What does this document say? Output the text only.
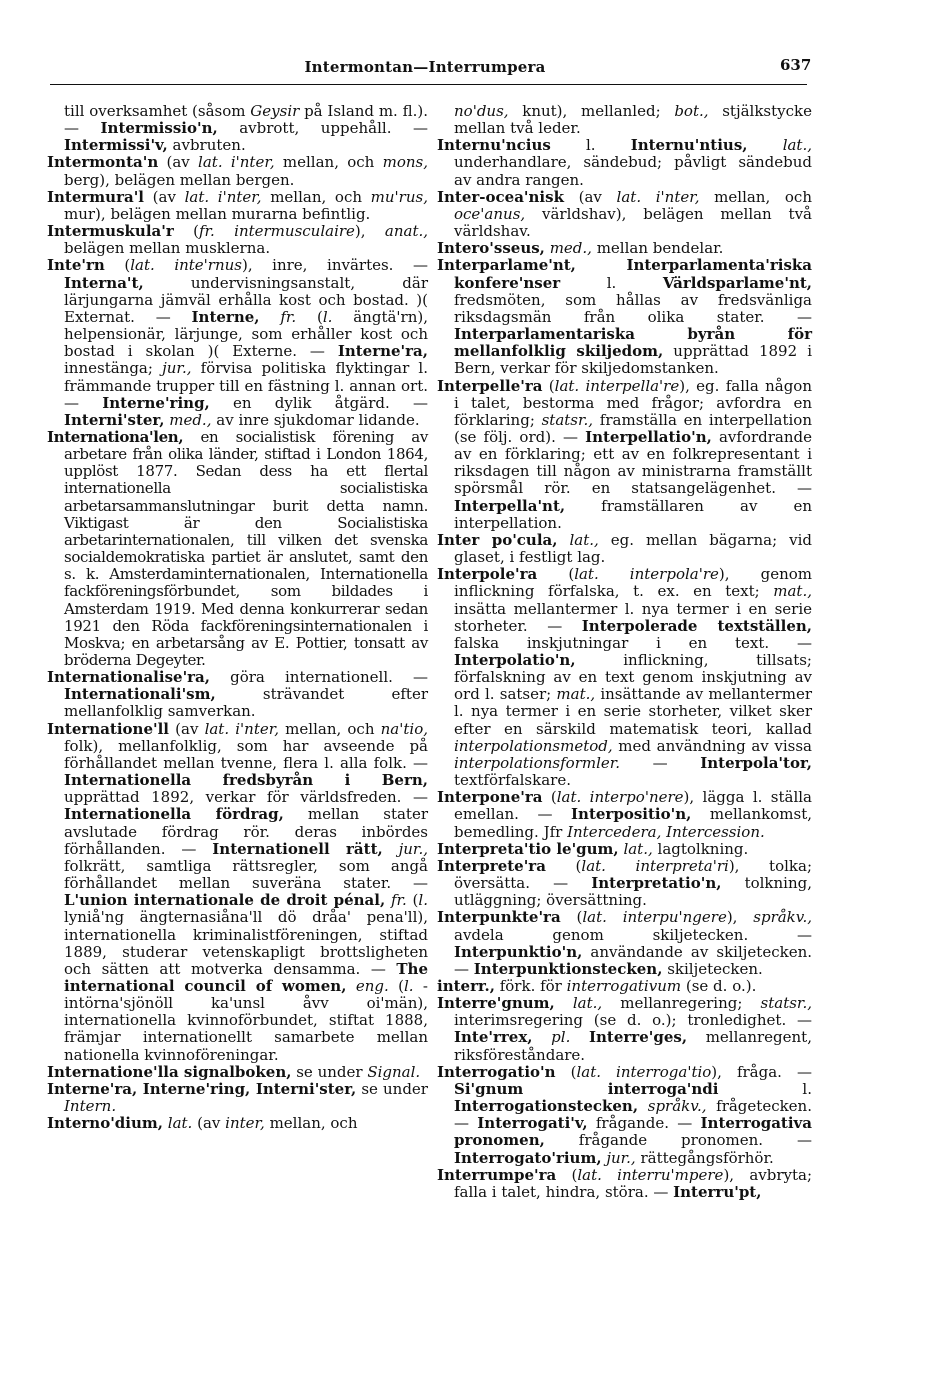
Intermontan—Interrumpera	637

till overksamhet (såsom Geysir på Island m. fl.). — Intermissio'n, avbrott, uppehåll. — Intermissi'v, avbruten.

Intermonta'n (av lat. i'nter, mellan, och mons, berg), belägen mellan bergen.

Intermura'l (av lat. i'nter, mellan, och mu'rus, mur), belägen mellan murarna befintlig.

Intermuskula'r (fr. intermusculaire), anat., belägen mellan musklerna.

Inte'rn (lat. inte'rnus), inre, invärtes. — Interna't, undervisningsanstalt, där lärjungarna jämväl erhålla kost och bostad. )( Externat. — Interne, fr. (l. ängtä'rn), helpensionär, lärjunge, som erhåller kost och bostad i skolan )( Externe. — Interne'ra, innestänga; jur., förvisa politiska flyktingar l. främmande trupper till en fästning l. annan ort. — Interne'ring, en dylik åtgärd. — Interni'ster, med., av inre sjukdomar lidande.

Internationa'len, en socialistisk förening av arbetare från olika länder, stiftad i London 1864, upplöst 1877. Sedan dess ha ett flertal internationella socialistiska arbetarsammanslutningar burit detta namn. Viktigast är den Socialistiska arbetarinternationalen, till vilken det svenska socialdemokratiska partiet är anslutet, samt den s. k. Amsterdaminternationalen, Internationella fackföreningsförbundet, som bildades i Amsterdam 1919. Med denna konkurrerar sedan 1921 den Röda fackföreningsinternationalen i Moskva; en arbetarsång av E. Pottier, tonsatt av bröderna Degeyter.

Internationalise'ra, göra internationell. — Internationali'sm, strävandet efter mellanfolklig samverkan.

Internatione'll (av lat. i'nter, mellan, och na'tio, folk), mellanfolklig, som har avseende på förhållandet mellan tvenne, flera l. alla folk. — Internationella fredsbyrån i Bern, upprättad 1892, verkar för världsfreden. — Internationella fördrag, mellan stater avslutade fördrag rör. deras inbördes förhållanden. — Internationell rätt, jur., folkrätt, samtliga rättsregler, som angå förhållandet mellan suveräna stater. — L'union internationale de droit pénal, fr. (l. lyniå'ng ängternasiåna'll dö dråa' pena'll), internationella kriminalistföreningen, stiftad 1889, studerar vetenskapligt brottsligheten och sätten att motverka densamma. — The international council of women, eng. (l. - intörna'sjönöll ka'unsl åvv oi'män), internationella kvinnoförbundet, stiftat 1888, främjar internationellt samarbete mellan nationella kvinnoföreningar.

Internatione'lla signalboken, se under Signal.

Interne'ra, Interne'ring, Interni'ster, se under Intern.

Interno'dium, lat. (av inter, mellan, och

no'dus, knut), mellanled; bot., stjälkstycke mellan två leder.

Internu'ncius l. Internu'ntius, lat., underhandlare, sändebud; påvligt sändebud av andra rangen.

Inter-ocea'nisk (av lat. i'nter, mellan, och oce'anus, världshav), belägen mellan två världshav.

Intero'sseus, med., mellan bendelar.

Interparlame'nt, Interparlamenta'riska konfere'nser l. Världsparlame'nt, fredsmöten, som hållas av fredsvänliga riksdagsmän från olika stater. — Interparlamentariska byrån för mellanfolklig skiljedom, upprättad 1892 i Bern, verkar för skiljedomstanken.

Interpelle'ra (lat. interpella're), eg. falla någon i talet, bestorma med frågor; avfordra en förklaring; statsr., framställa en interpellation (se följ. ord). — Interpellatio'n, avfordrande av en förklaring; ett av en folkrepresentant i riksdagen till någon av ministrarna framställt spörsmål rör. en statsangelägenhet. — Interpella'nt, framställaren av en interpellation.

Inter po'cula, lat., eg. mellan bägarna; vid glaset, i festligt lag.

Interpole'ra (lat. interpola're), genom inflickning förfalska, t. ex. en text; mat., insätta mellantermer l. nya termer i en serie storheter. — Interpolerade textställen, falska inskjutningar i en text. — Interpolatio'n, inflickning, tillsats; förfalskning av en text genom inskjutning av ord l. satser; mat., insättande av mellantermer l. nya termer i en serie storheter, vilket sker efter en särskild matematisk teori, kallad interpolationsmetod, med användning av vissa interpolationsformler. — Interpola'tor, textförfalskare.

Interpone'ra (lat. interpo'nere), lägga l. ställa emellan. — Interpositio'n, mellankomst, bemedling. Jfr Intercedera, Intercession.

Interpreta'tio le'gum, lat., lagtolkning.

Interprete'ra (lat. interpreta'ri), tolka; översätta. — Interpretatio'n, tolkning, utläggning; översättning.

Interpunkte'ra (lat. interpu'ngere), språkv., avdela genom skiljetecken. — Interpunktio'n, användande av skiljetecken. — Interpunktionstecken, skiljetecken.

interr., förk. för interrogativum (se d. o.).

Interre'gnum, lat., mellanregering; statsr., interimsregering (se d. o.); tronledighet. — Inte'rrex, pl. Interre'ges, mellanregent, riksföreståndare.

Interrogatio'n (lat. interroga'tio), fråga. — Si'gnum interroga'ndi l. Interrogationstecken, språkv., frågetecken. — Interrogati'v, frågande. — Interrogativa pronomen, frågande pronomen. — Interrogato'rium, jur., rättegångsförhör.

Interrumpe'ra (lat. interru'mpere), avbryta; falla i talet, hindra, störa. — Interru'pt,
